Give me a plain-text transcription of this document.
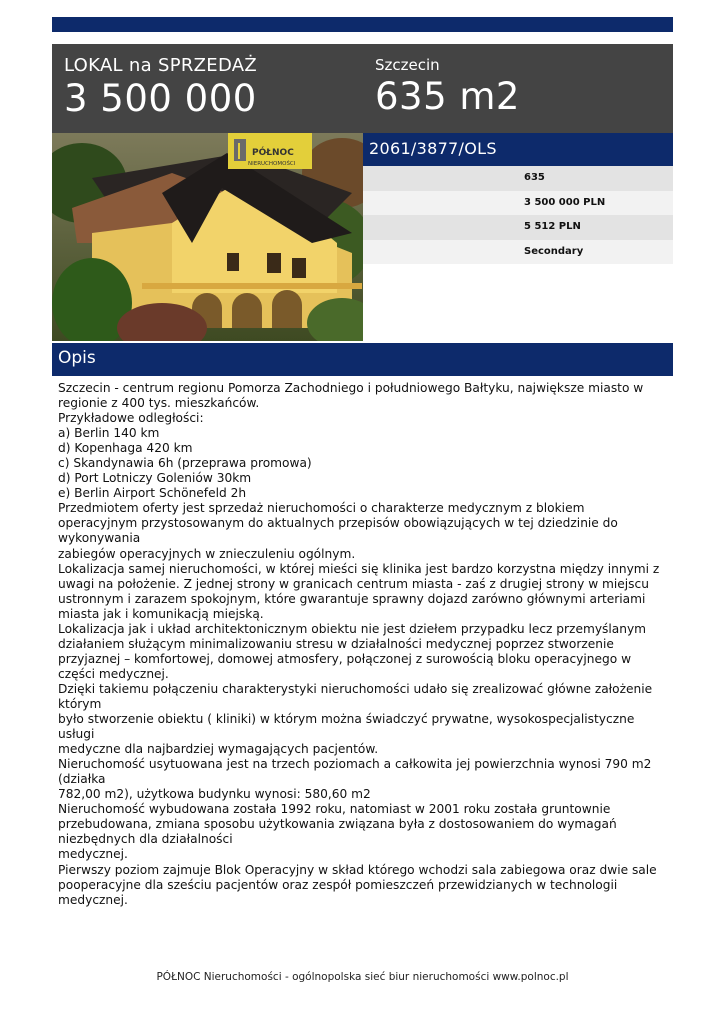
LOKAL na SPRZEDAŻ
3 500 000
Szczecin
635 m2
PÓŁNOC
NIERUCHOMOŚCI
2061/3877/OLS
635
3 500 000 PLN
5 512 PLN
Secondary
Opis
Szczecin - centrum regionu Pomorza Zachodniego i południowego Bałtyku, największe miasto w
regionie z 400 tys. mieszkańców.
Przykładowe odległości:
a) Berlin 140 km
d) Kopenhaga 420 km
c) Skandynawia 6h (przeprawa promowa)
d) Port Lotniczy Goleniów 30km
e) Berlin Airport Schönefeld 2h
Przedmiotem oferty jest sprzedaż nieruchomości o charakterze medycznym z blokiem
operacyjnym przystosowanym do aktualnych przepisów obowiązujących w tej dziedzinie do
wykonywania
zabiegów operacyjnych w znieczuleniu ogólnym.
Lokalizacja samej nieruchomości, w której mieści się klinika jest bardzo korzystna między innymi z
uwagi na położenie. Z jednej strony w granicach centrum miasta - zaś z drugiej strony w miejscu
ustronnym i zarazem spokojnym, które gwarantuje sprawny dojazd zarówno głównymi arteriami
miasta jak i komunikacją miejską.
Lokalizacja jak i układ architektonicznym obiektu nie jest dziełem przypadku lecz przemyślanym
działaniem służącym minimalizowaniu stresu w działalności medycznej poprzez stworzenie
przyjaznej – komfortowej, domowej atmosfery, połączonej z surowością bloku operacyjnego w
części medycznej.
Dzięki takiemu połączeniu charakterystyki nieruchomości udało się zrealizować główne założenie
którym
było stworzenie obiektu ( kliniki) w którym można świadczyć prywatne, wysokospecjalistyczne
usługi
medyczne dla najbardziej wymagających pacjentów.
Nieruchomość usytuowana jest na trzech poziomach a całkowita jej powierzchnia wynosi 790 m2
(działka
782,00 m2), użytkowa budynku wynosi: 580,60 m2
Nieruchomość wybudowana została 1992 roku, natomiast w 2001 roku została gruntownie
przebudowana, zmiana sposobu użytkowania związana była z dostosowaniem do wymagań
niezbędnych dla działalności
medycznej.
Pierwszy poziom zajmuje Blok Operacyjny w skład którego wchodzi sala zabiegowa oraz dwie sale
pooperacyjne dla sześciu pacjentów oraz zespół pomieszczeń przewidzianych w technologii
medycznej.
PÓŁNOC Nieruchomości - ogólnopolska sieć biur nieruchomości www.polnoc.pl
